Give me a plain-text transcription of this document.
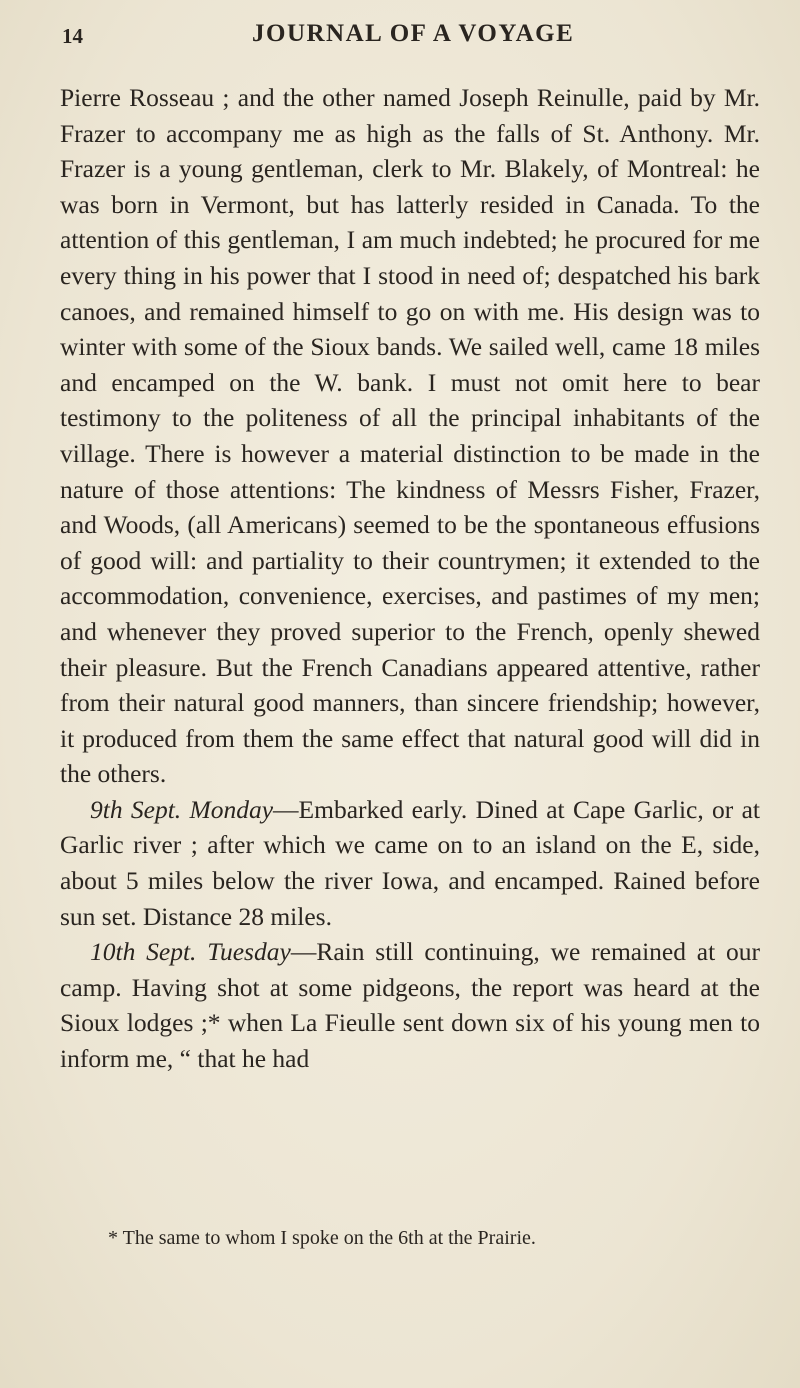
14	JOURNAL OF A VOYAGE

Pierre Rosseau ; and the other named Joseph Reinulle, paid by Mr. Frazer to accompany me as high as the falls of St. Anthony. Mr. Frazer is a young gentleman, clerk to Mr. Blakely, of Montreal: he was born in Vermont, but has latterly resided in Canada. To the attention of this gentleman, I am much indebted; he procured for me every thing in his power that I stood in need of; despatched his bark canoes, and remained himself to go on with me. His design was to winter with some of the Sioux bands. We sailed well, came 18 miles and encamped on the W. bank. I must not omit here to bear testimony to the politeness of all the principal inhabitants of the village. There is however a material distinction to be made in the nature of those attentions: The kindness of Messrs Fisher, Frazer, and Woods, (all Americans) seemed to be the spontaneous effusions of good will: and partiality to their countrymen; it extended to the accommodation, convenience, exercises, and pastimes of my men; and whenever they proved superior to the French, openly shewed their pleasure. But the French Canadians appeared attentive, rather from their natural good manners, than sincere friendship; however, it produced from them the same effect that natural good will did in the others.

9th Sept. Monday—Embarked early. Dined at Cape Garlic, or at Garlic river ; after which we came on to an island on the E, side, about 5 miles below the river Iowa, and encamped. Rained before sun set. Distance 28 miles.

10th Sept. Tuesday—Rain still continuing, we remained at our camp. Having shot at some pidgeons, the report was heard at the Sioux lodges ;* when La Fieulle sent down six of his young men to inform me, “ that he had

* The same to whom I spoke on the 6th at the Prairie.
